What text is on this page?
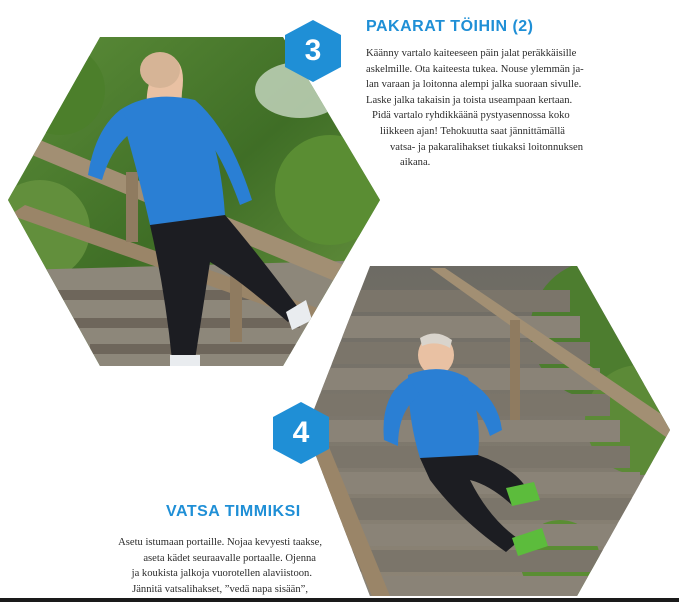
3
4
PAKARAT TÖIHIN (2)
Käänny vartalo kaiteeseen päin jalat peräkkäisille
askelmille. Ota kaiteesta tukea. Nouse ylemmän ja-
lan varaan ja loitonna alempi jalka suoraan sivulle.
Laske jalka takaisin ja toista useampaan kertaan.
Pidä vartalo ryhdikkäänä pystyasennossa koko
liikkeen ajan! Tehokuutta saat jännittämällä
vatsa- ja pakaralihakset tiukaksi loitonnuksen
aikana.
VATSA TIMMIKSI
Asetu istumaan portaille. Nojaa kevyesti taakse,
aseta kädet seuraavalle portaalle. Ojenna
ja koukista jalkoja vuorotellen alaviistoon.
Jännitä vatsalihakset, ”vedä napa sisään”,
